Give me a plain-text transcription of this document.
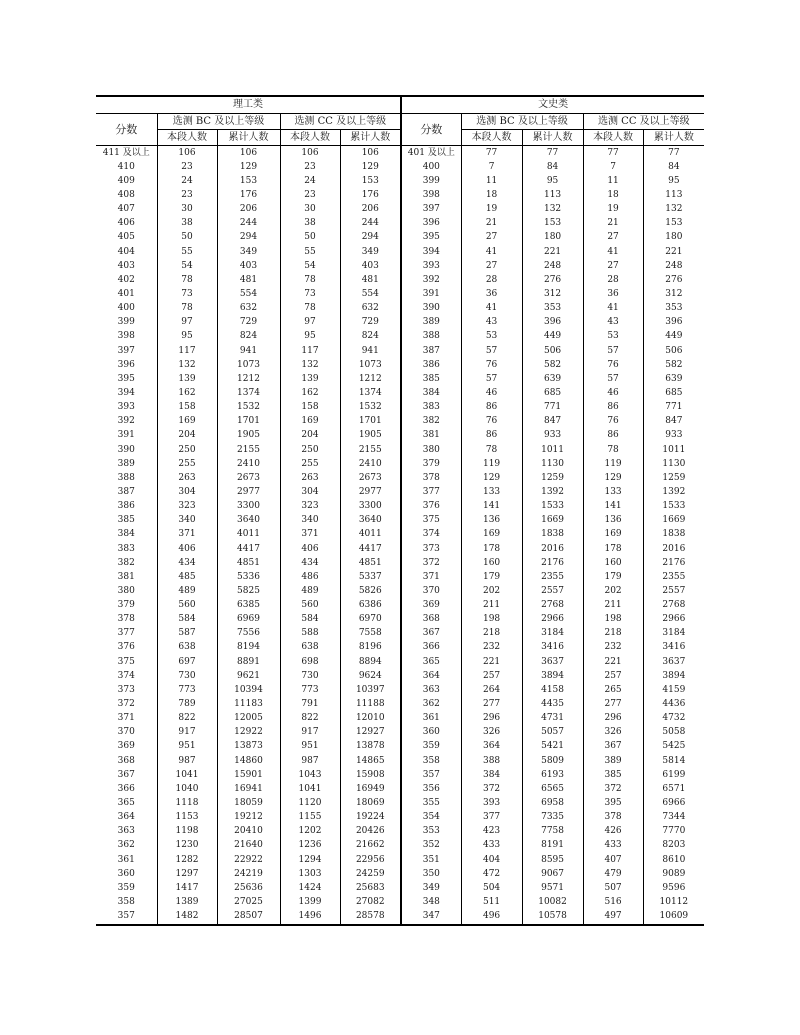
理工类					文史类				
分数	选测 BC 及以上等级		选测 CC 及以上等级		分数	选测 BC 及以上等级		选测 CC 及以上等级	
	本段人数	累计人数	本段人数	累计人数		本段人数	累计人数	本段人数	累计人数
411 及以上	106	106	106	106	401 及以上	77	77	77	77
410	23	129	23	129	400	7	84	7	84
409	24	153	24	153	399	11	95	11	95
408	23	176	23	176	398	18	113	18	113
407	30	206	30	206	397	19	132	19	132
406	38	244	38	244	396	21	153	21	153
405	50	294	50	294	395	27	180	27	180
404	55	349	55	349	394	41	221	41	221
403	54	403	54	403	393	27	248	27	248
402	78	481	78	481	392	28	276	28	276
401	73	554	73	554	391	36	312	36	312
400	78	632	78	632	390	41	353	41	353
399	97	729	97	729	389	43	396	43	396
398	95	824	95	824	388	53	449	53	449
397	117	941	117	941	387	57	506	57	506
396	132	1073	132	1073	386	76	582	76	582
395	139	1212	139	1212	385	57	639	57	639
394	162	1374	162	1374	384	46	685	46	685
393	158	1532	158	1532	383	86	771	86	771
392	169	1701	169	1701	382	76	847	76	847
391	204	1905	204	1905	381	86	933	86	933
390	250	2155	250	2155	380	78	1011	78	1011
389	255	2410	255	2410	379	119	1130	119	1130
388	263	2673	263	2673	378	129	1259	129	1259
387	304	2977	304	2977	377	133	1392	133	1392
386	323	3300	323	3300	376	141	1533	141	1533
385	340	3640	340	3640	375	136	1669	136	1669
384	371	4011	371	4011	374	169	1838	169	1838
383	406	4417	406	4417	373	178	2016	178	2016
382	434	4851	434	4851	372	160	2176	160	2176
381	485	5336	486	5337	371	179	2355	179	2355
380	489	5825	489	5826	370	202	2557	202	2557
379	560	6385	560	6386	369	211	2768	211	2768
378	584	6969	584	6970	368	198	2966	198	2966
377	587	7556	588	7558	367	218	3184	218	3184
376	638	8194	638	8196	366	232	3416	232	3416
375	697	8891	698	8894	365	221	3637	221	3637
374	730	9621	730	9624	364	257	3894	257	3894
373	773	10394	773	10397	363	264	4158	265	4159
372	789	11183	791	11188	362	277	4435	277	4436
371	822	12005	822	12010	361	296	4731	296	4732
370	917	12922	917	12927	360	326	5057	326	5058
369	951	13873	951	13878	359	364	5421	367	5425
368	987	14860	987	14865	358	388	5809	389	5814
367	1041	15901	1043	15908	357	384	6193	385	6199
366	1040	16941	1041	16949	356	372	6565	372	6571
365	1118	18059	1120	18069	355	393	6958	395	6966
364	1153	19212	1155	19224	354	377	7335	378	7344
363	1198	20410	1202	20426	353	423	7758	426	7770
362	1230	21640	1236	21662	352	433	8191	433	8203
361	1282	22922	1294	22956	351	404	8595	407	8610
360	1297	24219	1303	24259	350	472	9067	479	9089
359	1417	25636	1424	25683	349	504	9571	507	9596
358	1389	27025	1399	27082	348	511	10082	516	10112
357	1482	28507	1496	28578	347	496	10578	497	10609
